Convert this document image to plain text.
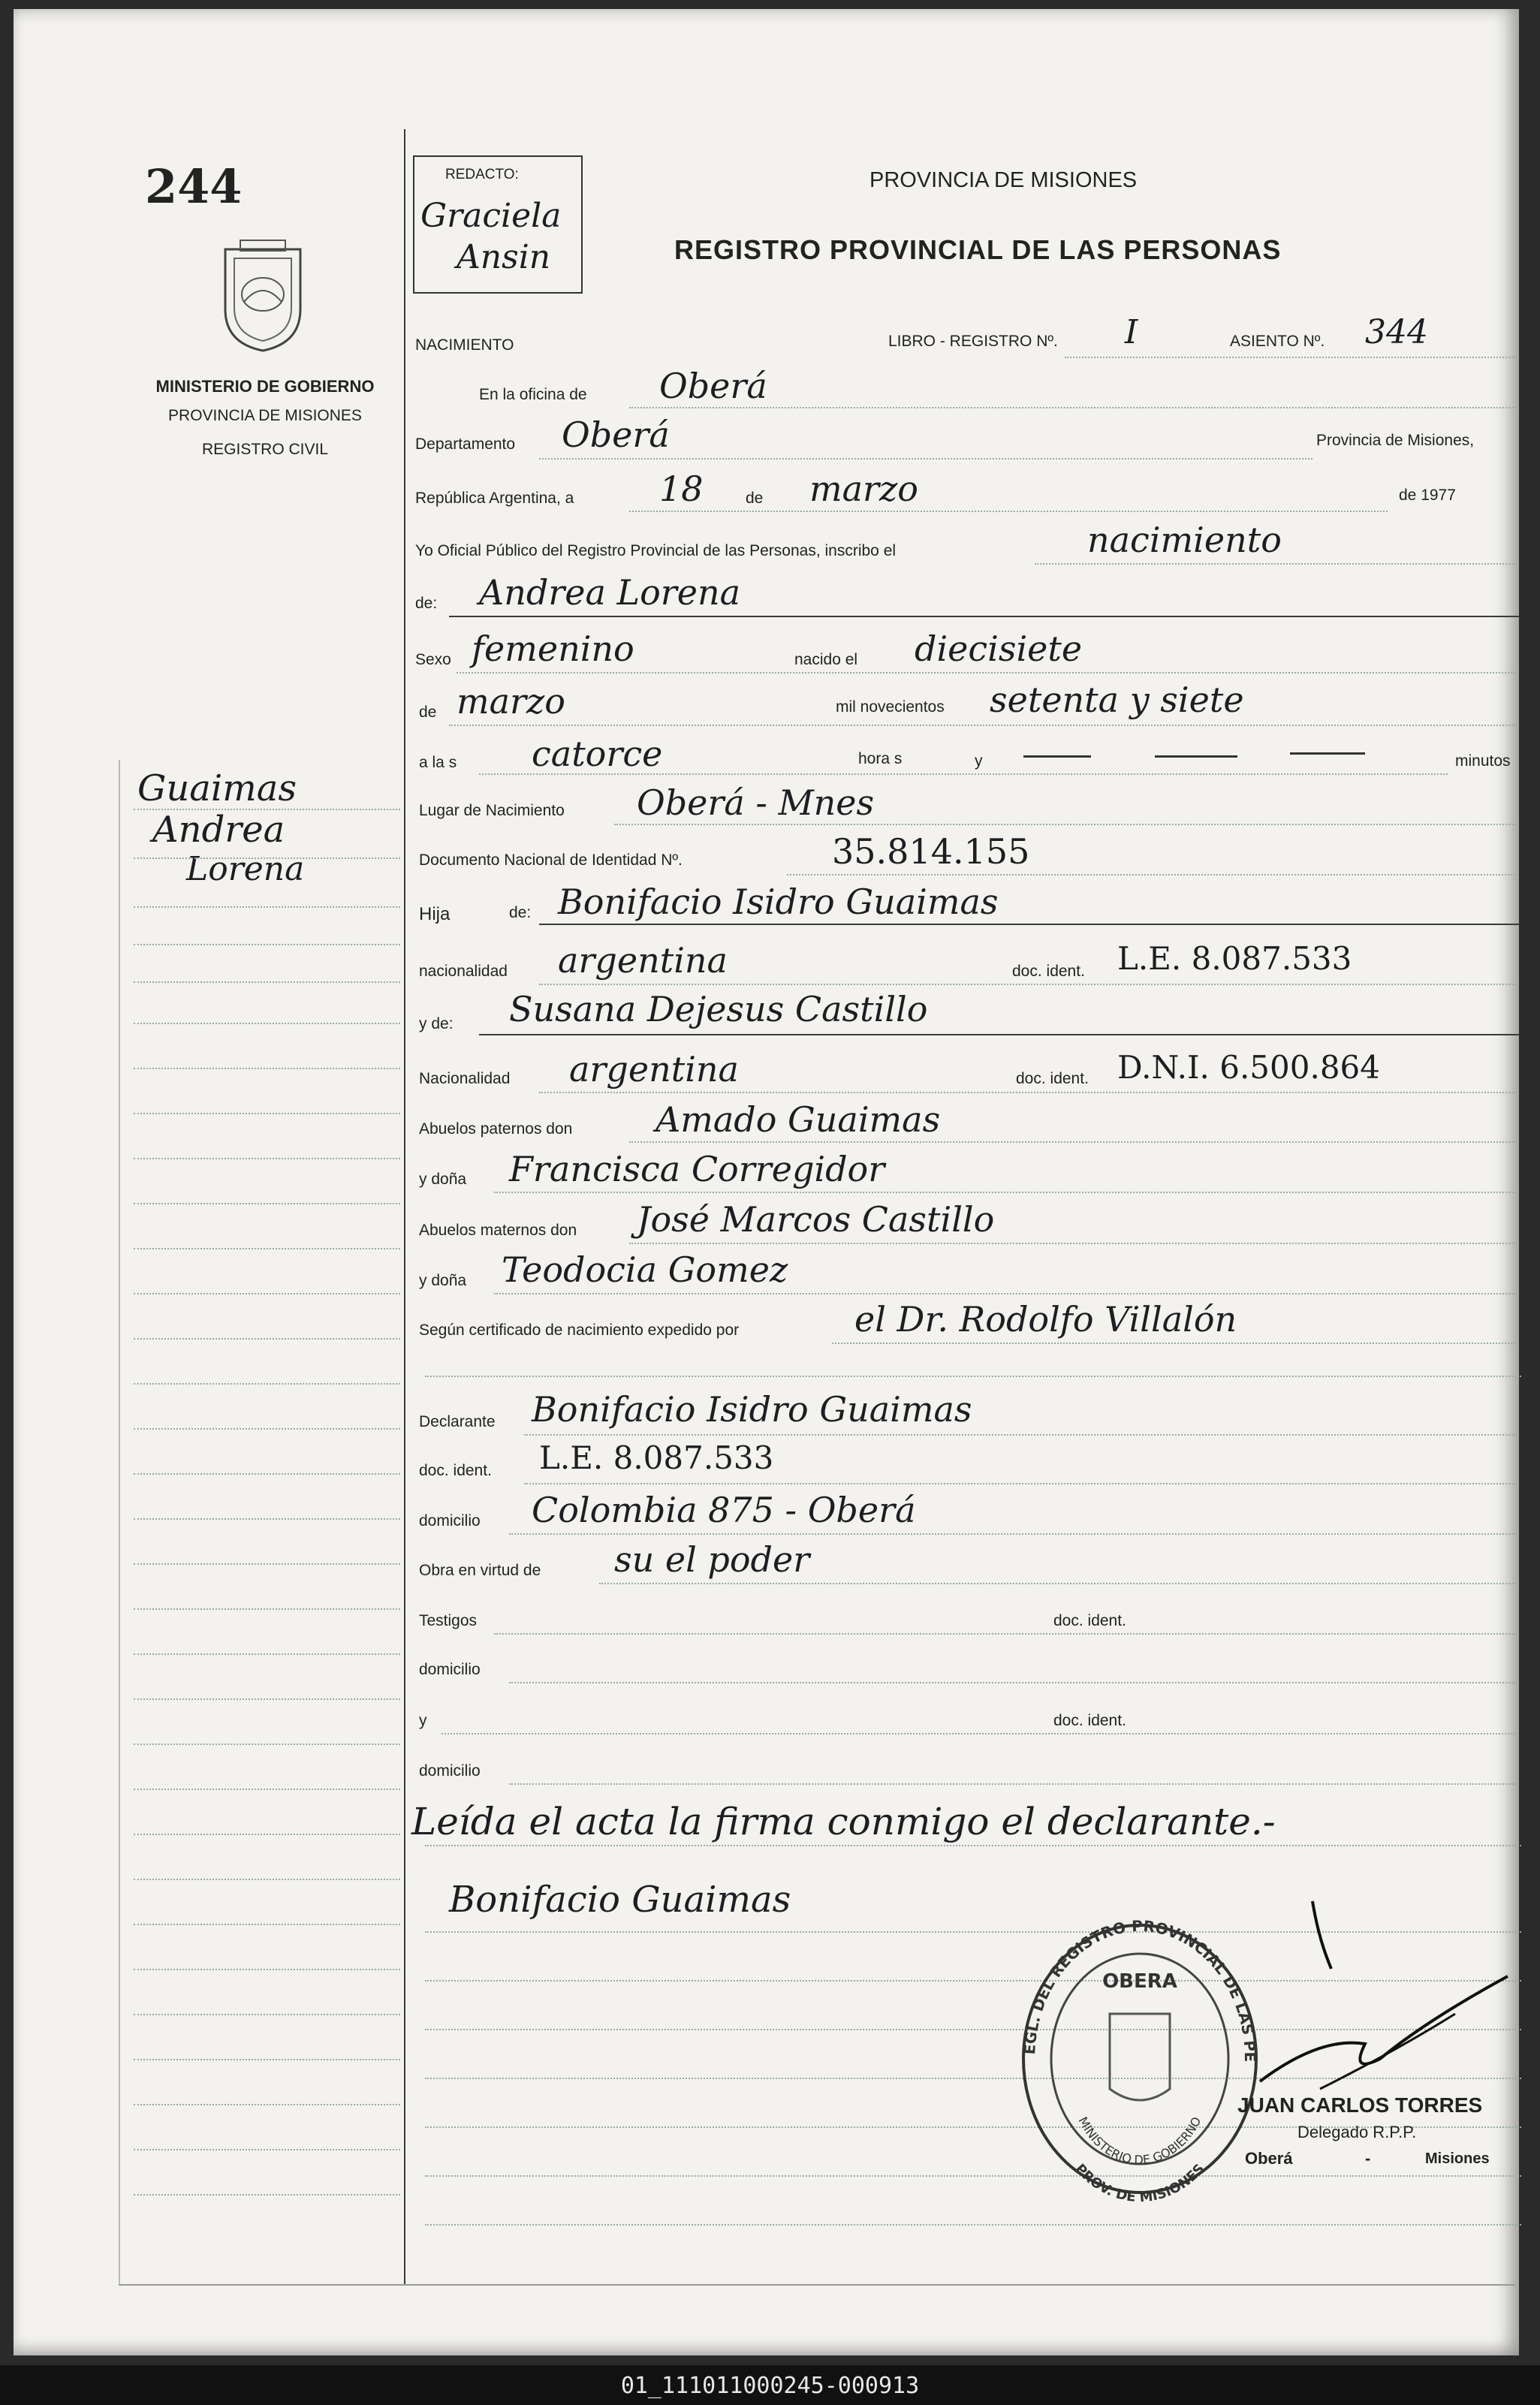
244
MINISTERIO DE GOBIERNO
PROVINCIA DE MISIONES
REGISTRO CIVIL
Guaimas
Andrea
Lorena
REDACTO:
Graciela
Ansin
PROVINCIA DE MISIONES
REGISTRO PROVINCIAL DE LAS PERSONAS
NACIMIENTO	LIBRO - REGISTRO Nº. I	ASIENTO Nº. 344
En la oficina de Oberá
Departamento Oberá	Provincia de Misiones,
República Argentina, a 18	de marzo	de 1977
Yo Oficial Público del Registro Provincial de las Personas, inscribo el	nacimiento
de: Andrea Lorena
Sexo femenino	nacido el diecisiete
de marzo	mil novecientos setenta y siete
a la s catorce	hora s	y	minutos
Lugar de Nacimiento Oberá - Mnes
Documento Nacional de Identidad Nº.	35.814.155
Hija	de: Bonifacio Isidro Guaimas
nacionalidad argentina	doc. ident. L.E. 8.087.533
y de: Susana Dejesus Castillo
Nacionalidad argentina	doc. ident. D.N.I. 6.500.864
Abuelos paternos don Amado Guaimas
y doña Francisca Corregidor
Abuelos maternos don José Marcos Castillo
y doña Teodocia Gomez
Según certificado de nacimiento expedido por	el Dr. Rodolfo Villalón
Declarante Bonifacio Isidro Guaimas
doc. ident. L.E. 8.087.533
domicilio Colombia 875 - Oberá
Obra en virtud de su el poder
Testigos	doc. ident.
domicilio
y	doc. ident.
domicilio
Leída el acta la firma conmigo el declarante.-
Bonifacio Guaimas
EGL. DEL REGISTRO PROVINCIAL DE LAS PE
OBERA
MINISTERIO DE GOBIERNO
PROV. DE MISIONES
JUAN CARLOS TORRES
Delegado R.P.P.
Oberá	-	Misiones
01_111011000245-000913
